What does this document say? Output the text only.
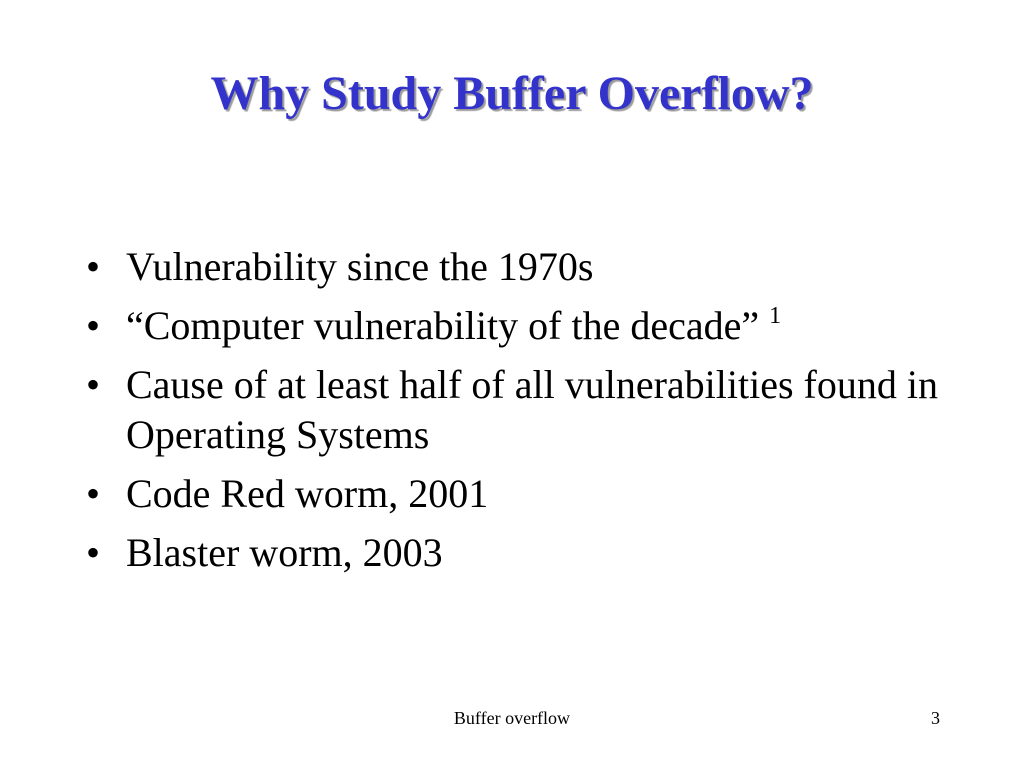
Why Study Buffer Overflow?
• Vulnerability since the 1970s
• “Computer vulnerability of the decade” $^1$
• Cause of at least half of all vulnerabilities found in Operating Systems
• Code Red worm, 2001
• Blaster worm, 2003
Buffer overflow	3
